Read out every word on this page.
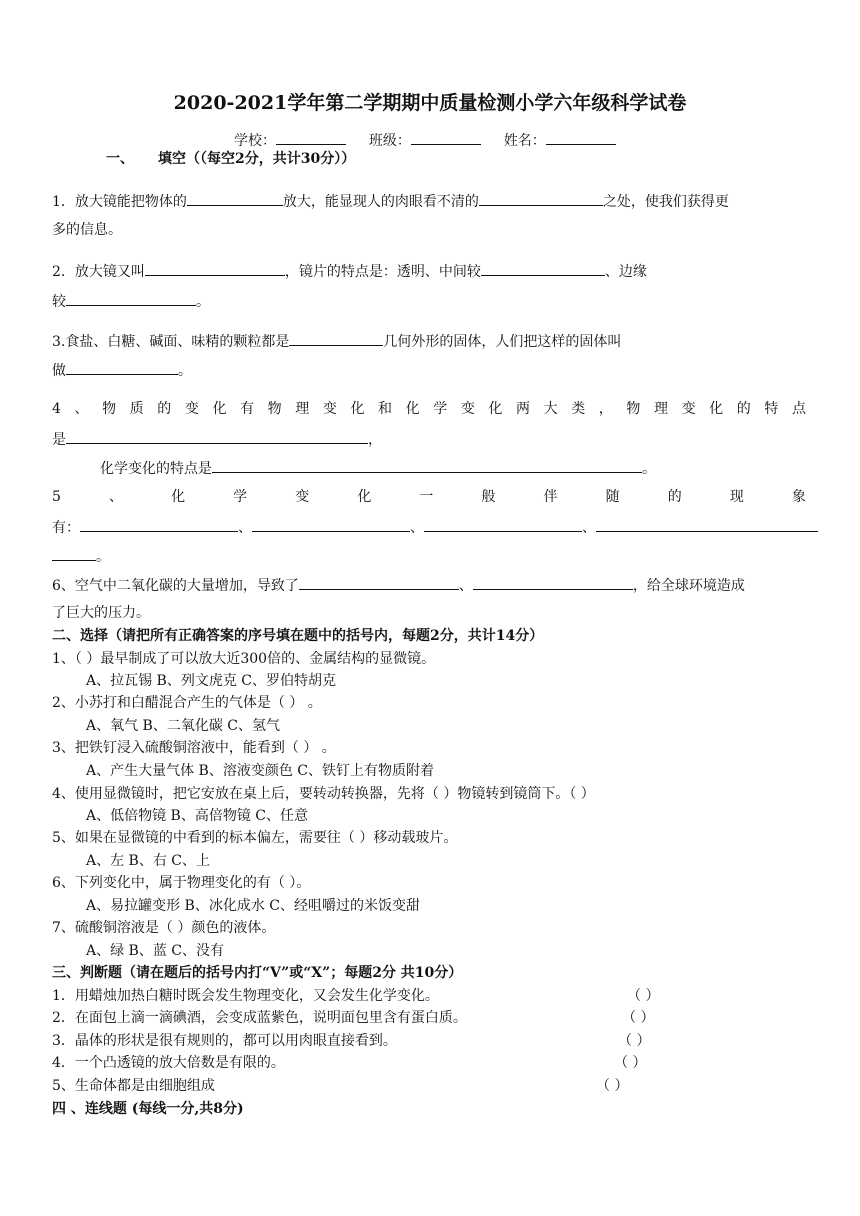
2020-2021学年第二学期期中质量检测小学六年级科学试卷
学校：	班级：	姓名：
一、 填空（（每空2分，共计30分））
1．放大镜能把物体的	放大，能显现人的肉眼看不清的	之处，使我们获得更
多的信息。
2．放大镜又叫	，镜片的特点是：透明、中间较	、边缘
较	。
3.食盐、白糖、碱面、味精的颗粒都是	几何外形的固体，人们把这样的固体叫
做	。
4 、 物 质 的 变 化 有 物 理 变 化 和 化 学 变 化 两 大 类 ， 物 理 变 化 的 特 点
是	，
化学变化的特点是	。
5	、	化	学	变	化	一	般	伴	随	的	现	象
有：	、	、	、
。
6、空气中二氧化碳的大量增加，导致了	、	，给全球环境造成
了巨大的压力。
二、选择（请把所有正确答案的序号填在题中的括号内，每题2分，共计14分）
1、（ ）最早制成了可以放大近300倍的、金属结构的显微镜。
A、拉瓦锡 B、列文虎克 C、罗伯特胡克
2、小苏打和白醋混合产生的气体是（ ） 。
A、氧气 B、二氧化碳 C、氢气
3、把铁钉浸入硫酸铜溶液中，能看到（ ） 。
A、产生大量气体 B、溶液变颜色 C、铁钉上有物质附着
4、使用显微镜时，把它安放在桌上后，要转动转换器，先将（ ）物镜转到镜筒下。（ ）
A、低倍物镜 B、高倍物镜 C、任意
5、如果在显微镜的中看到的标本偏左，需要往（ ）移动载玻片。
A、左 B、右 C、上
6、下列变化中，属于物理变化的有（ ）。
A、易拉罐变形 B、冰化成水 C、经咀嚼过的米饭变甜
7、硫酸铜溶液是（ ）颜色的液体。
A、绿 B、蓝 C、没有
三、判断题（请在题后的括号内打“V”或“X”；每题2分 共10分）
1．用蜡烛加热白糖时既会发生物理变化，又会发生化学变化。	（ ）
2．在面包上滴一滴碘酒，会变成蓝紫色，说明面包里含有蛋白质。	（ ）
3．晶体的形状是很有规则的，都可以用肉眼直接看到。	（ ）
4．一个凸透镜的放大倍数是有限的。	（ ）
5、生命体都是由细胞组成	（ ）
四 、连线题 (每线一分,共8分)
